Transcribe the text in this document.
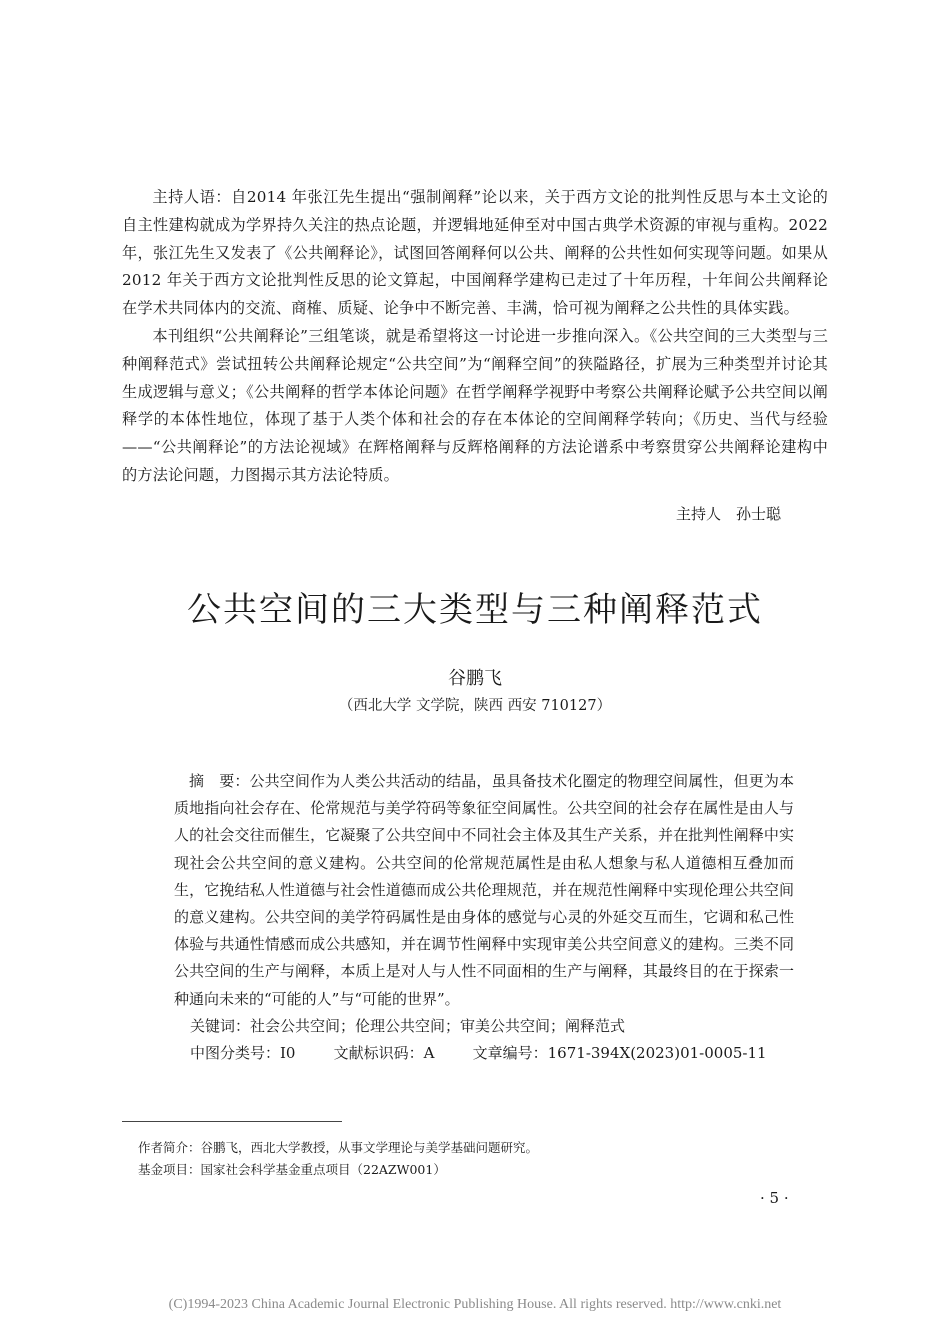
主持人语：自2014 年张江先生提出“强制阐释”论以来，关于西方文论的批判性反思与本土文论的自主性建构就成为学界持久关注的热点论题，并逻辑地延伸至对中国古典学术资源的审视与重构。2022 年，张江先生又发表了《公共阐释论》，试图回答阐释何以公共、阐释的公共性如何实现等问题。如果从2012 年关于西方文论批判性反思的论文算起，中国阐释学建构已走过了十年历程，十年间公共阐释论在学术共同体内的交流、商榷、质疑、论争中不断完善、丰满，恰可视为阐释之公共性的具体实践。

本刊组织“公共阐释论”三组笔谈，就是希望将这一讨论进一步推向深入。《公共空间的三大类型与三种阐释范式》尝试扭转公共阐释论规定“公共空间”为“阐释空间”的狭隘路径，扩展为三种类型并讨论其生成逻辑与意义；《公共阐释的哲学本体论问题》在哲学阐释学视野中考察公共阐释论赋予公共空间以阐释学的本体性地位，体现了基于人类个体和社会的存在本体论的空间阐释学转向；《历史、当代与经验——“公共阐释论”的方法论视域》在辉格阐释与反辉格阐释的方法论谱系中考察贯穿公共阐释论建构中的方法论问题，力图揭示其方法论特质。

主持人　孙士聪
公共空间的三大类型与三种阐释范式
谷鹏飞
（西北大学 文学院，陕西 西安 710127）

摘　要：公共空间作为人类公共活动的结晶，虽具备技术化圈定的物理空间属性，但更为本质地指向社会存在、伦常规范与美学符码等象征空间属性。公共空间的社会存在属性是由人与人的社会交往而催生，它凝聚了公共空间中不同社会主体及其生产关系，并在批判性阐释中实现社会公共空间的意义建构。公共空间的伦常规范属性是由私人想象与私人道德相互叠加而生，它挽结私人性道德与社会性道德而成公共伦理规范，并在规范性阐释中实现伦理公共空间的意义建构。公共空间的美学符码属性是由身体的感觉与心灵的外延交互而生，它调和私己性体验与共通性情感而成公共感知，并在调节性阐释中实现审美公共空间意义的建构。三类不同公共空间的生产与阐释，本质上是对人与人性不同面相的生产与阐释，其最终目的在于探索一种通向未来的“可能的人”与“可能的世界”。

关键词：社会公共空间；伦理公共空间；审美公共空间；阐释范式

中图分类号：I0	文献标识码：A	文章编号：1671-394X(2023)01-0005-11

作者简介：谷鹏飞，西北大学教授，从事文学理论与美学基础问题研究。
基金项目：国家社会科学基金重点项目（22AZW001）
· 5 ·
(C)1994-2023 China Academic Journal Electronic Publishing House. All rights reserved. http://www.cnki.net
